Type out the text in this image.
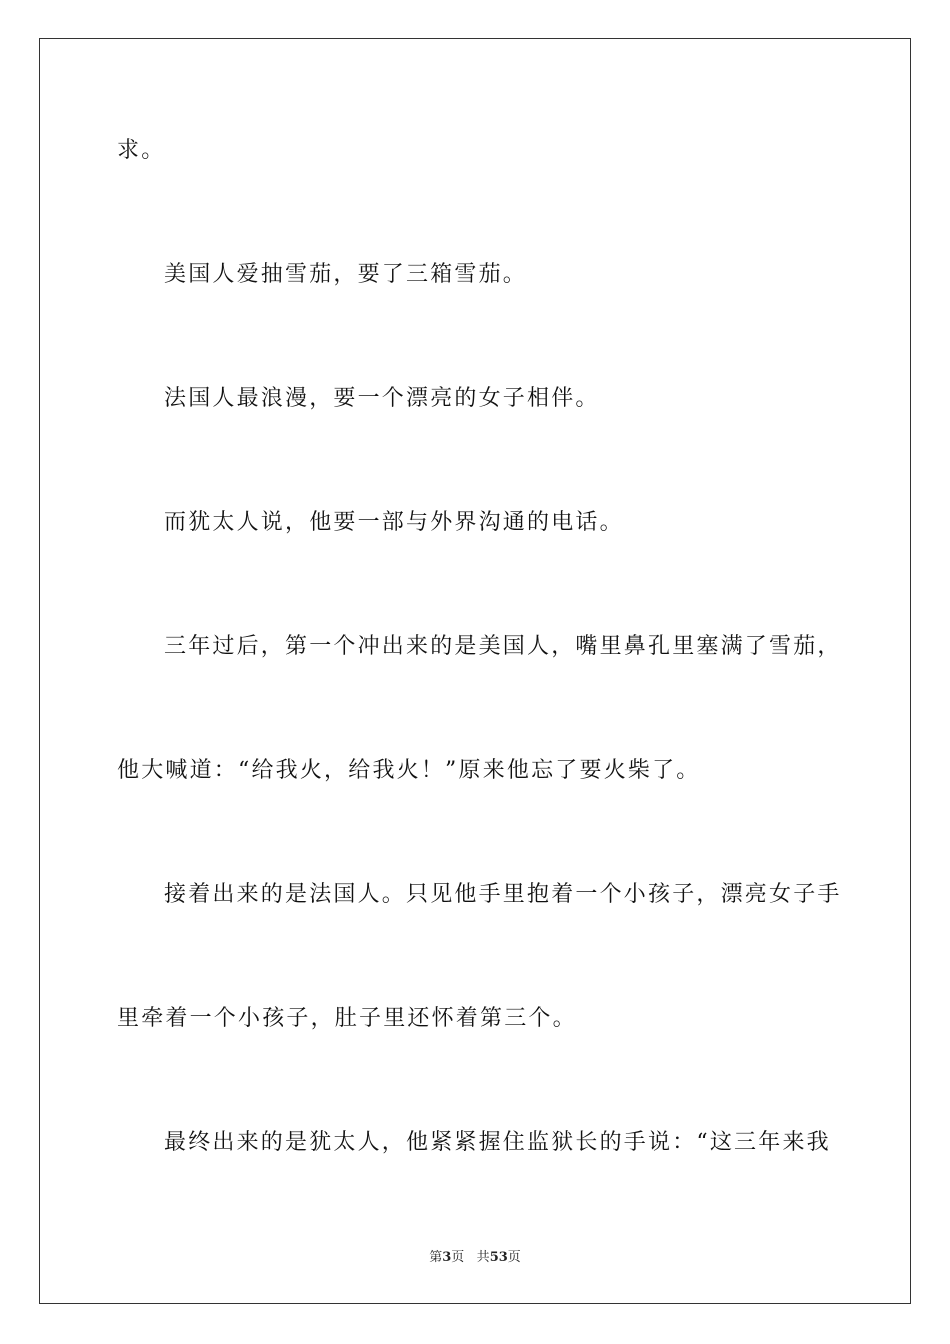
求。
美国人爱抽雪茄，要了三箱雪茄。
法国人最浪漫，要一个漂亮的女子相伴。
而犹太人说，他要一部与外界沟通的电话。
三年过后，第一个冲出来的是美国人，嘴里鼻孔里塞满了雪茄，
他大喊道：“给我火，给我火！”原来他忘了要火柴了。
接着出来的是法国人。只见他手里抱着一个小孩子，漂亮女子手
里牵着一个小孩子，肚子里还怀着第三个。
最终出来的是犹太人，他紧紧握住监狱长的手说：“这三年来我
第3页 共53页
